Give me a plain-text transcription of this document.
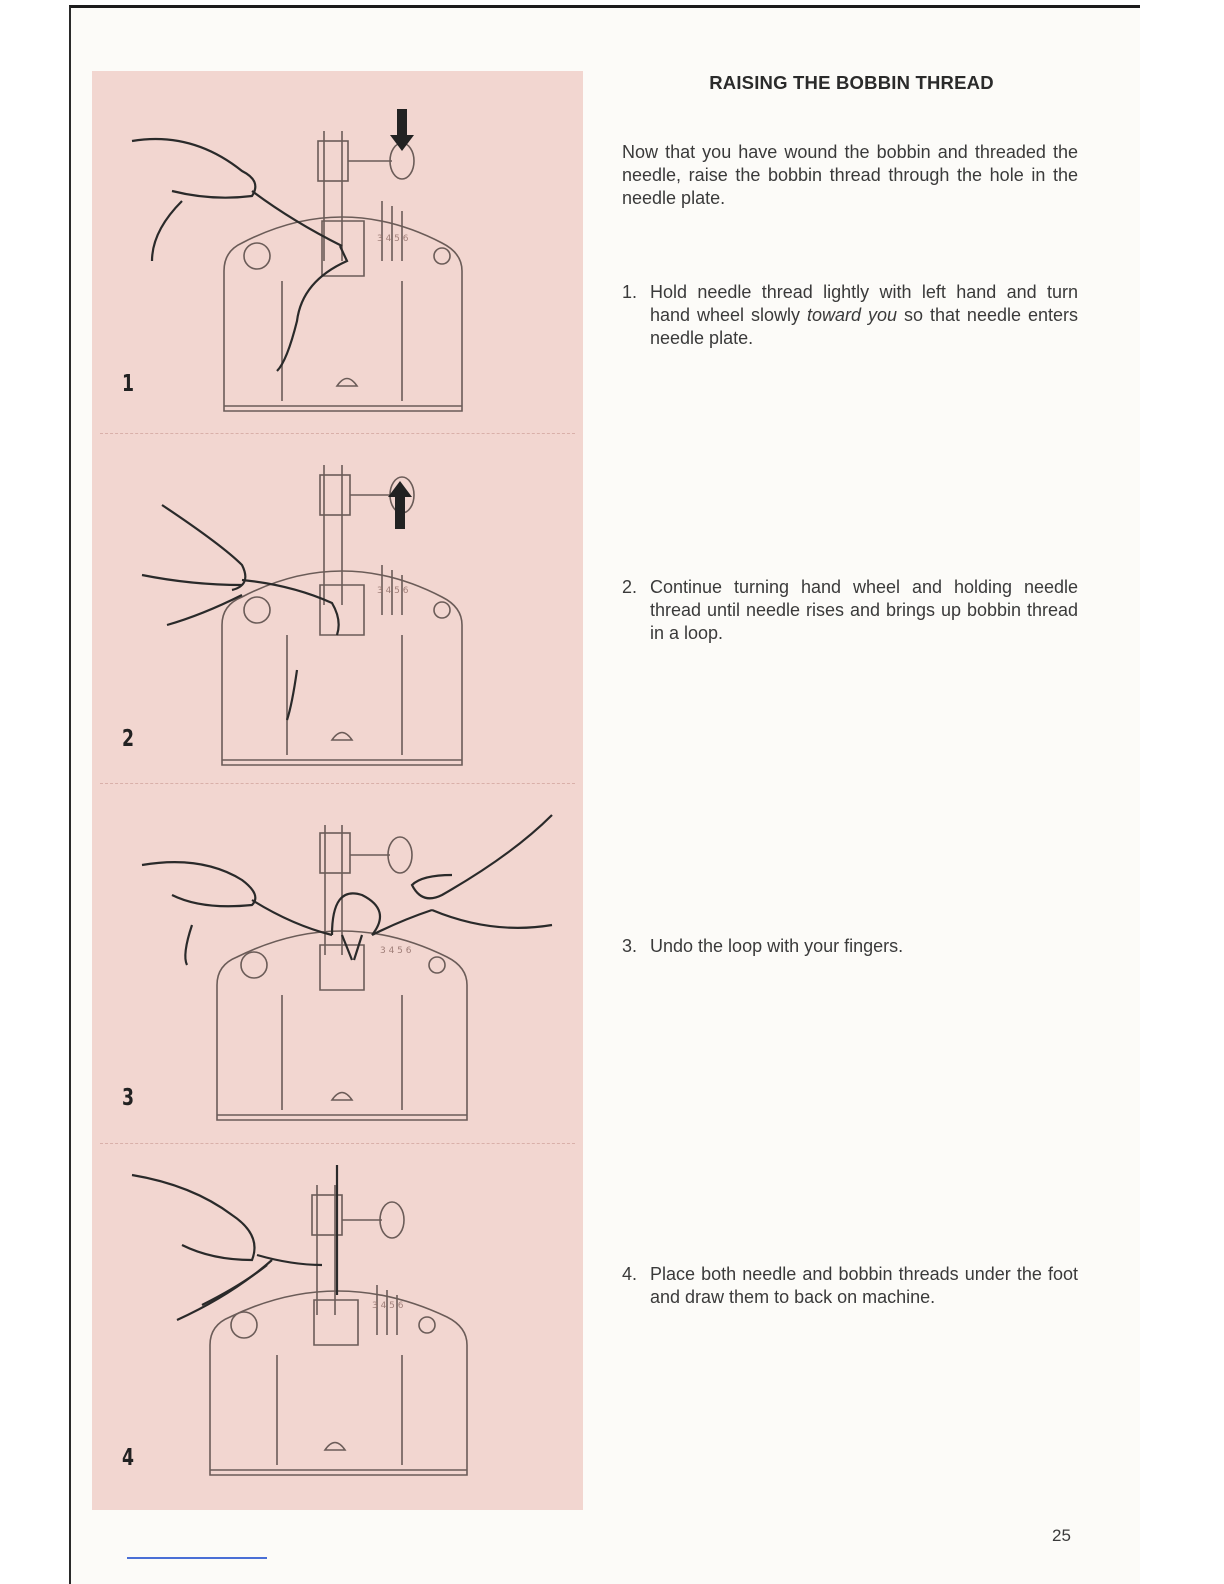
3 4 5 6
1
3 4 5 6
2
3 4 5 6
3
3 4 5 6
4
RAISING THE BOBBIN THREAD
Now that you have wound the bobbin and threaded the needle, raise the bobbin thread through the hole in the needle plate.
1. Hold needle thread lightly with left hand and turn hand wheel slowly toward you so that needle enters needle plate.
2. Continue turning hand wheel and holding needle thread until needle rises and brings up bobbin thread in a loop.
3. Undo the loop with your fingers.
4. Place both needle and bobbin threads under the foot and draw them to back on machine.
25
